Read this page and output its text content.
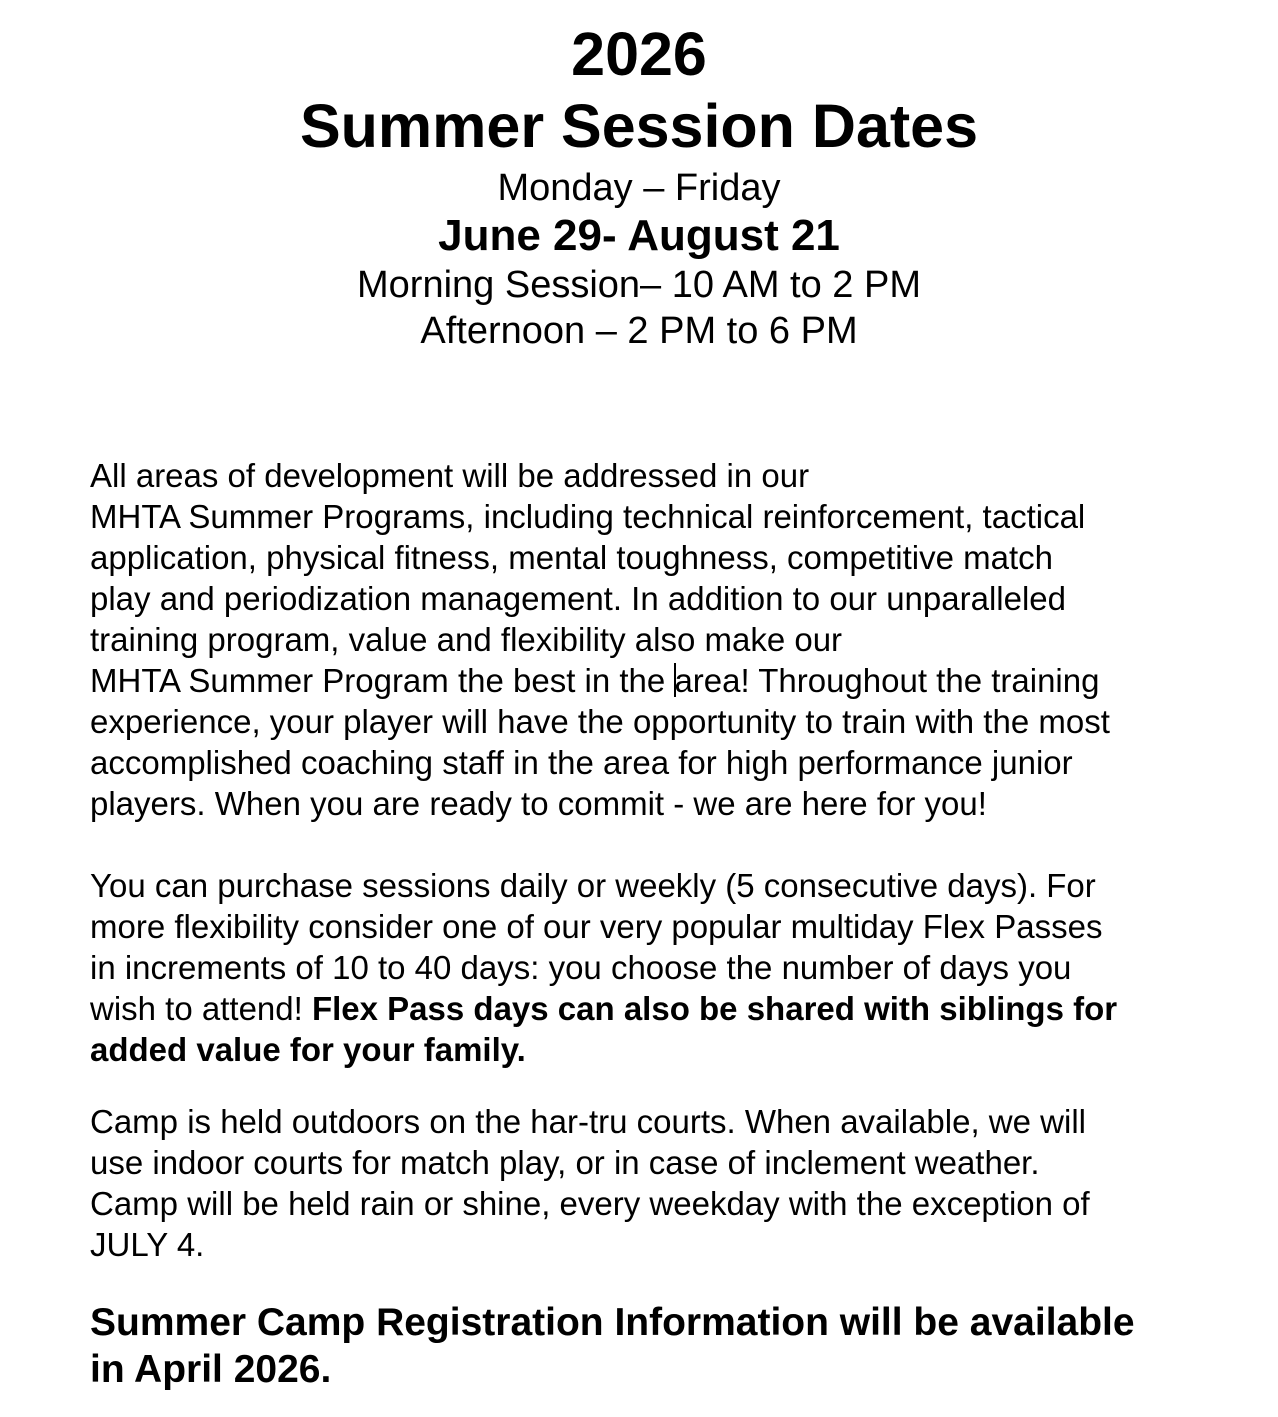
2026
Summer Session Dates
Monday – Friday
June 29- August 21
Morning Session– 10 AM to 2 PM
Afternoon – 2 PM to 6 PM

All areas of development will be addressed in our
MHTA Summer Programs, including technical reinforcement, tactical
application, physical fitness, mental toughness, competitive match
play and periodization management. In addition to our unparalleled
training program, value and flexibility also make our
MHTA Summer Program the best in the area! Throughout the training
experience, your player will have the opportunity to train with the most
accomplished coaching staff in the area for high performance junior
players. When you are ready to commit - we are here for you!

You can purchase sessions daily or weekly (5 consecutive days). For
more flexibility consider one of our very popular multiday Flex Passes
in increments of 10 to 40 days: you choose the number of days you
wish to attend! Flex Pass days can also be shared with siblings for
added value for your family.

Camp is held outdoors on the har-tru courts. When available, we will
use indoor courts for match play, or in case of inclement weather.
Camp will be held rain or shine, every weekday with the exception of
JULY 4.

Summer Camp Registration Information will be available
in April 2026.
